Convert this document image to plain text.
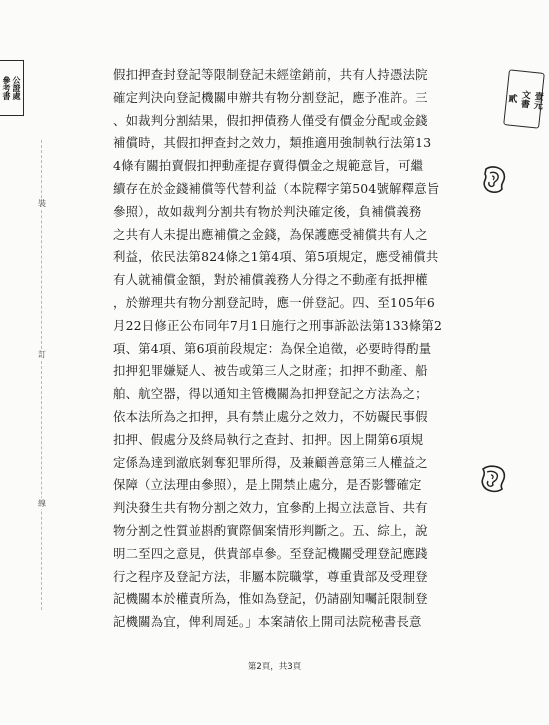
公證處
參考書
壹元
文書
貳
裝
訂
線
假扣押查封登記等限制登記未經塗銷前，共有人持憑法院
確定判決向登記機關申辦共有物分割登記，應予准許。三
、如裁判分割結果，假扣押債務人僅受有價金分配或金錢
補償時，其假扣押查封之效力，類推適用強制執行法第13
4條有關拍賣假扣押動產提存賣得價金之規範意旨，可繼
續存在於金錢補償等代替利益（本院釋字第504號解釋意旨
參照），故如裁判分割共有物於判決確定後，負補償義務
之共有人未提出應補償之金錢，為保護應受補償共有人之
利益，依民法第824條之1第4項、第5項規定，應受補償共
有人就補償金額，對於補償義務人分得之不動產有抵押權
，於辦理共有物分割登記時，應一併登記。四、至105年6
月22日修正公布同年7月1日施行之刑事訴訟法第133條第2
項、第4項、第6項前段規定：為保全追徵，必要時得酌量
扣押犯罪嫌疑人、被告或第三人之財產；扣押不動產、船
舶、航空器，得以通知主管機關為扣押登記之方法為之；
依本法所為之扣押，具有禁止處分之效力，不妨礙民事假
扣押、假處分及終局執行之查封、扣押。因上開第6項規
定係為達到澈底剝奪犯罪所得，及兼顧善意第三人權益之
保障（立法理由參照），是上開禁止處分，是否影響確定
判決發生共有物分割之效力，宜參酌上揭立法意旨、共有
物分割之性質並斟酌實際個案情形判斷之。五、綜上，說
明二至四之意見，供貴部卓參。至登記機關受理登記應踐
行之程序及登記方法，非屬本院職掌，尊重貴部及受理登
記機關本於權責所為，惟如為登記，仍請副知囑託限制登
記機關為宜，俾利周延。」本案請依上開司法院秘書長意
第2頁，共3頁
